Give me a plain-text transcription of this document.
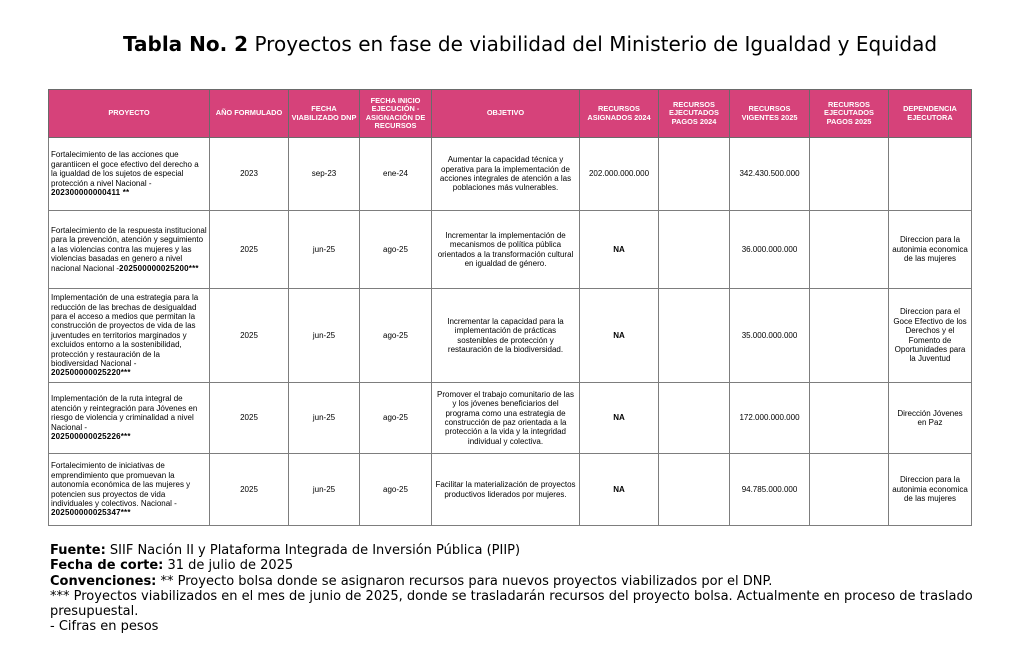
Tabla No. 2 Proyectos en fase de viabilidad del Ministerio de Igualdad y Equidad
PROYECTO	AÑO FORMULADO	FECHA VIABILIZADO DNP	FECHA INICIO EJECUCIÓN - ASIGNACIÓN DE RECURSOS	OBJETIVO	RECURSOS ASIGNADOS 2024	RECURSOS EJECUTADOS PAGOS 2024	RECURSOS VIGENTES 2025	RECURSOS EJECUTADOS PAGOS 2025	DEPENDENCIA EJECUTORA
Fortalecimiento de las acciones que garantiicen el goce efectivo del derecho a la igualdad de los sujetos de especial protección a nivel Nacional -
202300000000411 **	2023	sep-23	ene-24	Aumentar la capacidad técnica y operativa para la implementación de acciones integrales de atención a las poblaciones más vulnerables.	202.000.000.000		342.430.500.000		
Fortalecimiento de la respuesta institucional para la prevención, atención y seguimiento a las violencias contra las mujeres y las violencias basadas en genero a nivel nacional Nacional -202500000025200***	2025	jun-25	ago-25	Incrementar la implementación de mecanismos de política pública orientados a la transformación cultural en igualdad de género.	NA		36.000.000.000		Direccion para la autonimia economica de las mujeres
Implementación de una estrategia para la reducción de las brechas de desigualdad para el acceso a medios que permitan la construcción de proyectos de vida de las juventudes en territorios marginados y excluidos entorno a la sostenibilidad, protección y restauración de la biodiversidad Nacional - 202500000025220***	2025	jun-25	ago-25	Incrementar la capacidad para la implementación de prácticas sostenibles de protección y restauración de la biodiversidad.	NA		35.000.000.000		Direccion para el Goce Efectivo de los Derechos y el Fomento de Oportunidades para la Juventud
Implementación de la ruta integral de atención y reintegración para Jóvenes en riesgo de violencia y criminalidad a nivel Nacional -
202500000025226***	2025	jun-25	ago-25	Promover el trabajo comunitario de las y los jóvenes beneficiarios del programa como una estrategia de construcción de paz orientada a la protección a la vida y la integridad individual y colectiva.	NA		172.000.000.000		Dirección Jóvenes en Paz
Fortalecimiento de iniciativas de emprendimiento que promuevan la autonomía económica de las mujeres y potencien sus proyectos de vida individuales y colectivos. Nacional -
202500000025347***	2025	jun-25	ago-25	Facilitar la materialización de proyectos productivos liderados por mujeres.	NA		94.785.000.000		Direccion para la autonimia economica de las mujeres
Fuente: SIIF Nación II y Plataforma Integrada de Inversión Pública (PIIP)
Fecha de corte: 31 de julio de 2025
Convenciones: ** Proyecto bolsa donde se asignaron recursos para nuevos proyectos viabilizados por el DNP.
*** Proyectos viabilizados en el mes de junio de 2025, donde se trasladarán recursos del proyecto bolsa. Actualmente en proceso de traslado presupuestal.
- Cifras en pesos
